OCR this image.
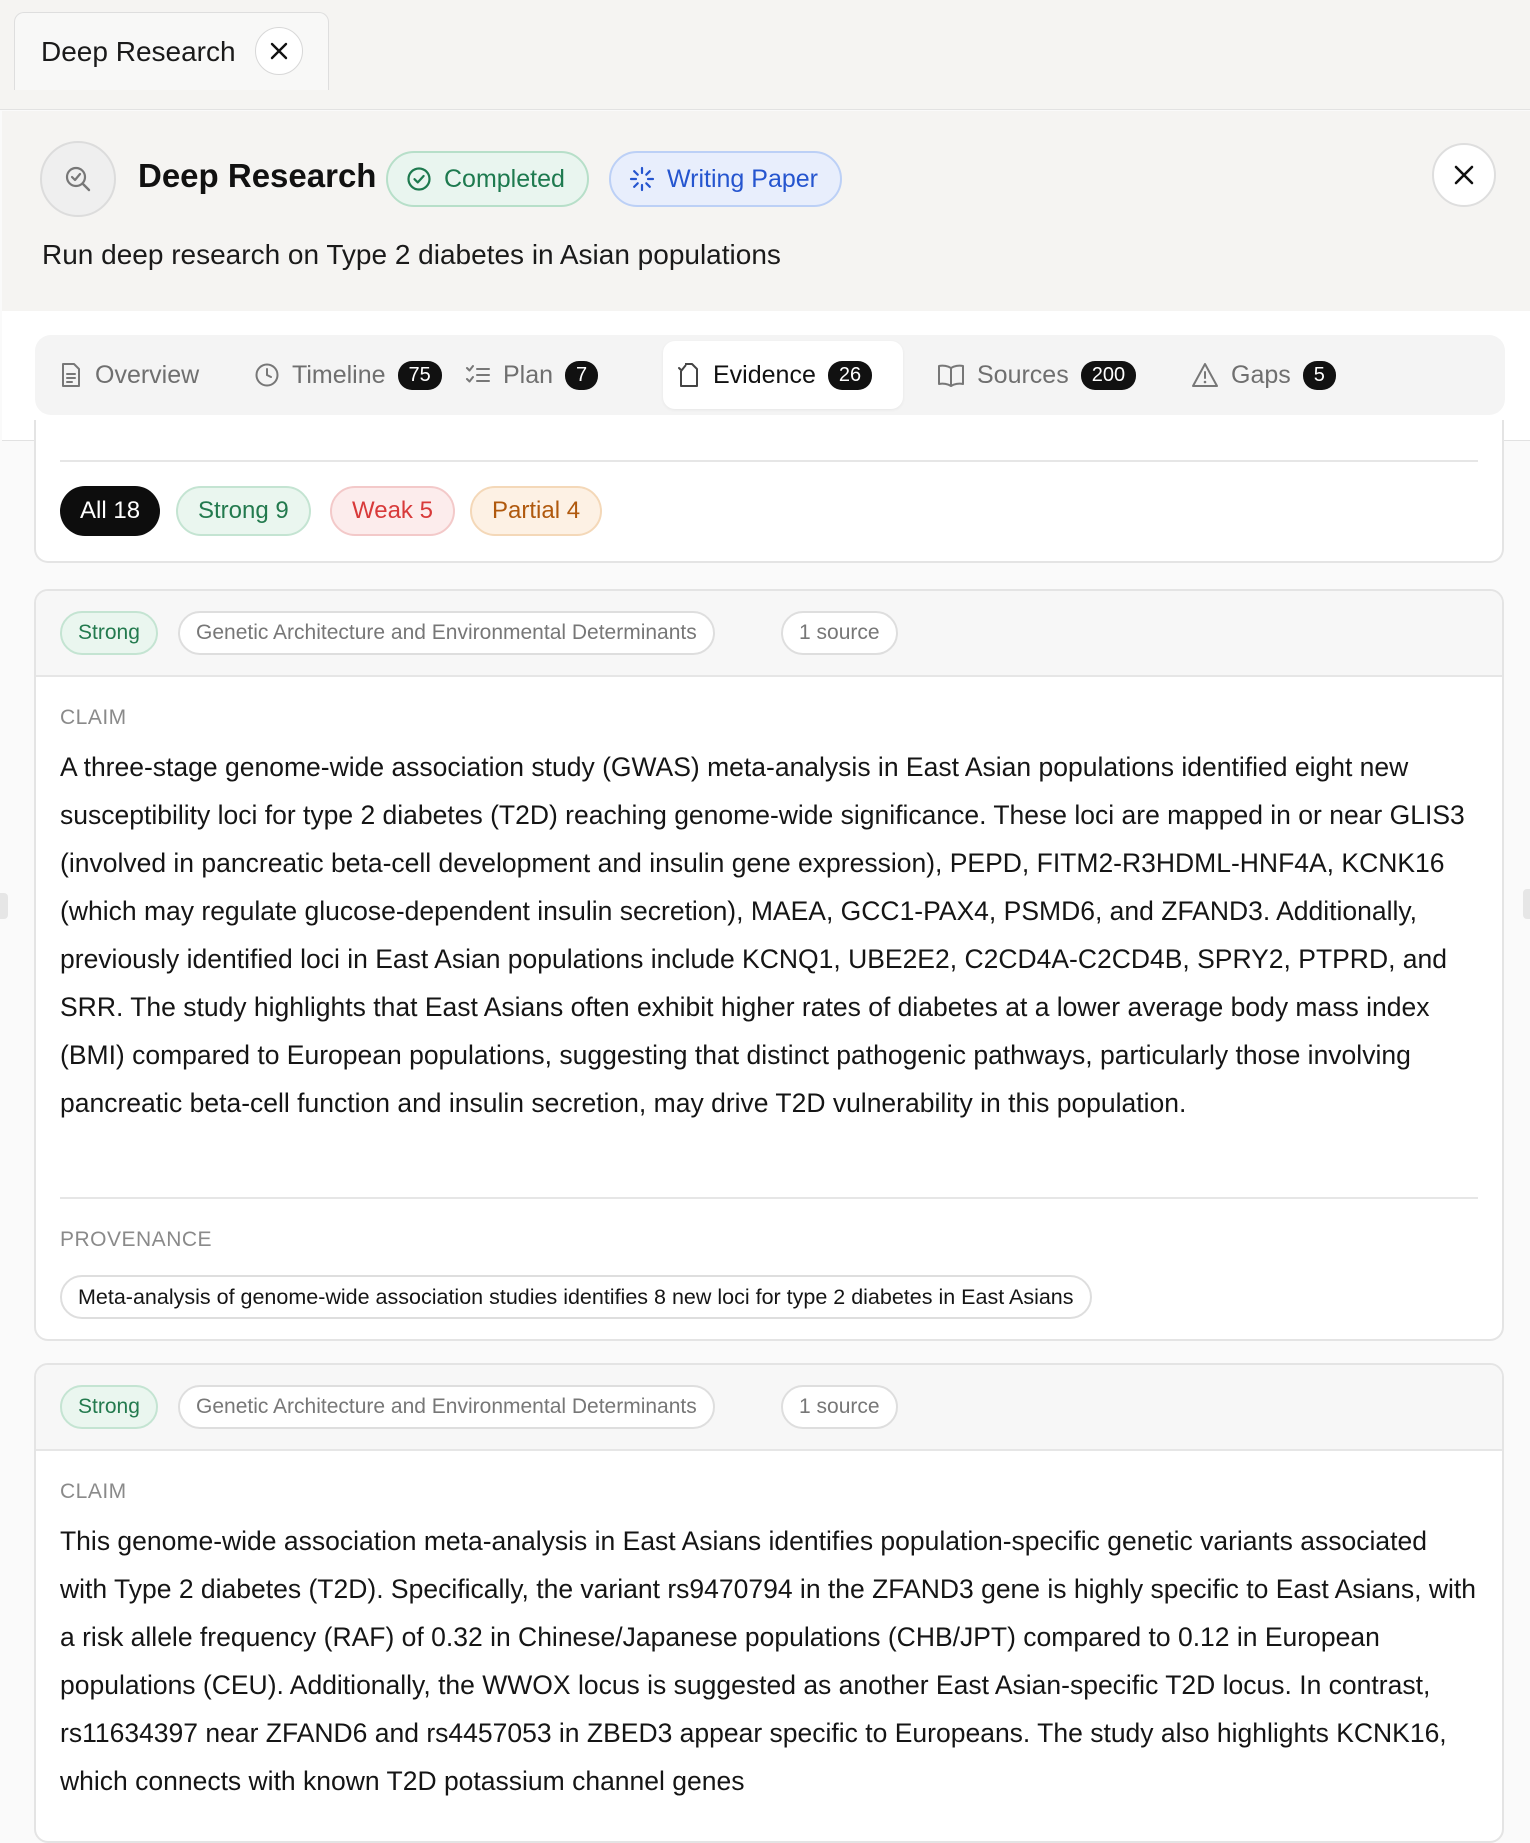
Deep Research
Deep Research	Completed	Writing Paper
Run deep research on Type 2 diabetes in Asian populations
Overview	Timeline	75	Plan	7	Evidence	26	Sources	200	Gaps	5
All 18	Strong 9	Weak 5	Partial 4
Strong	Genetic Architecture and Environmental Determinants	1 source
CLAIM
A three-stage genome-wide association study (GWAS) meta-analysis in East Asian populations identified eight new susceptibility loci for type 2 diabetes (T2D) reaching genome-wide significance. These loci are mapped in or near GLIS3 (involved in pancreatic beta-cell development and insulin gene expression), PEPD, FITM2-R3HDML-HNF4A, KCNK16 (which may regulate glucose-dependent insulin secretion), MAEA, GCC1-PAX4, PSMD6, and ZFAND3. Additionally, previously identified loci in East Asian populations include KCNQ1, UBE2E2, C2CD4A-C2CD4B, SPRY2, PTPRD, and SRR. The study highlights that East Asians often exhibit higher rates of diabetes at a lower average body mass index (BMI) compared to European populations, suggesting that distinct pathogenic pathways, particularly those involving pancreatic beta-cell function and insulin secretion, may drive T2D vulnerability in this population.
PROVENANCE
Meta-analysis of genome-wide association studies identifies 8 new loci for type 2 diabetes in East Asians
Strong	Genetic Architecture and Environmental Determinants	1 source
CLAIM
This genome-wide association meta-analysis in East Asians identifies population-specific genetic variants associated with Type 2 diabetes (T2D). Specifically, the variant rs9470794 in the ZFAND3 gene is highly specific to East Asians, with a risk allele frequency (RAF) of 0.32 in Chinese/Japanese populations (CHB/JPT) compared to 0.12 in European populations (CEU). Additionally, the WWOX locus is suggested as another East Asian-specific T2D locus. In contrast, rs11634397 near ZFAND6 and rs4457053 in ZBED3 appear specific to Europeans. The study also highlights KCNK16, which connects with known T2D potassium channel genes
